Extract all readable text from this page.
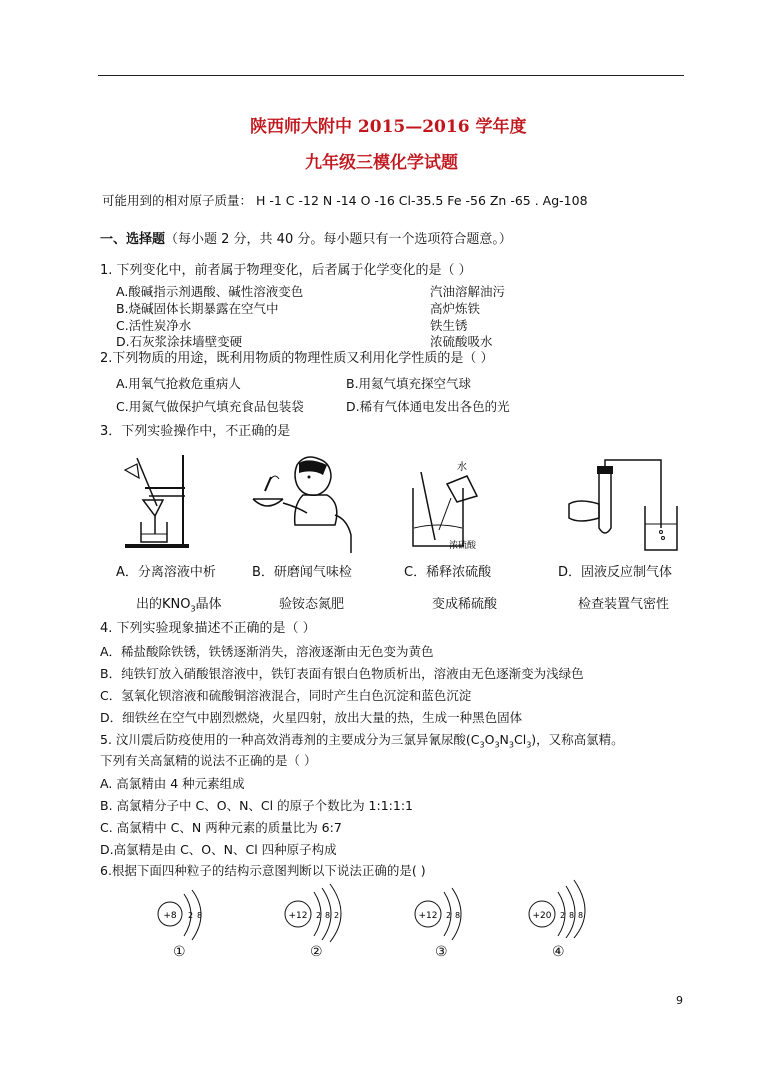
陕西师大附中 2015—2016 学年度
九年级三模化学试题
可能用到的相对原子质量： H -1 C -12 N -14 O -16 Cl-35.5 Fe -56 Zn -65 . Ag-108
一、选择题（每小题 2 分，共 40 分。每小题只有一个选项符合题意。）
1. 下列变化中，前者属于物理变化，后者属于化学变化的是（ ）
A.酸碱指示剂遇酸、碱性溶液变色	汽油溶解油污
B.烧碱固体长期暴露在空气中	高炉炼铁
C.活性炭净水	铁生锈
D.石灰浆涂抹墙壁变硬	浓硫酸吸水
2.下列物质的用途，既利用物质的物理性质又利用化学性质的是（ ）
A.用氧气抢救危重病人	B.用氦气填充探空气球
C.用氮气做保护气填充食品包装袋	D.稀有气体通电发出各色的光
3．下列实验操作中，不正确的是
水
浓硫酸
A．分离溶液中析	B．研磨闻气味检	C．稀释浓硫酸	D．固液反应制气体
出的$KNO_3$晶体	验铵态氮肥	变成稀硫酸	检查装置气密性
4. 下列实验现象描述不正确的是（ ）
A．稀盐酸除铁锈，铁锈逐渐消失，溶液逐渐由无色变为黄色
B．纯铁钉放入硝酸银溶液中，铁钉表面有银白色物质析出，溶液由无色逐渐变为浅绿色
C．氢氧化钡溶液和硫酸铜溶液混合，同时产生白色沉淀和蓝色沉淀
D．细铁丝在空气中剧烈燃烧，火星四射，放出大量的热，生成一种黑色固体
5. 汶川震后防疫使用的一种高效消毒剂的主要成分为三氯异氰尿酸$(C_3O_3N_3Cl_3)$，又称高氯精。
下列有关高氯精的说法不正确的是（ ）
A. 高氯精由 4 种元素组成
B. 高氯精分子中 C、O、N、Cl 的原子个数比为 1:1:1:1
C. 高氯精中 C、N 两种元素的质量比为 6:7
D.高氯精是由 C、O、N、Cl 四种原子构成
6.根据下面四种粒子的结构示意图判断以下说法正确的是( )
+8 2 8	+12 2 8 2	+12 2 8	+20 2 8 8
①	②	③	④
9
